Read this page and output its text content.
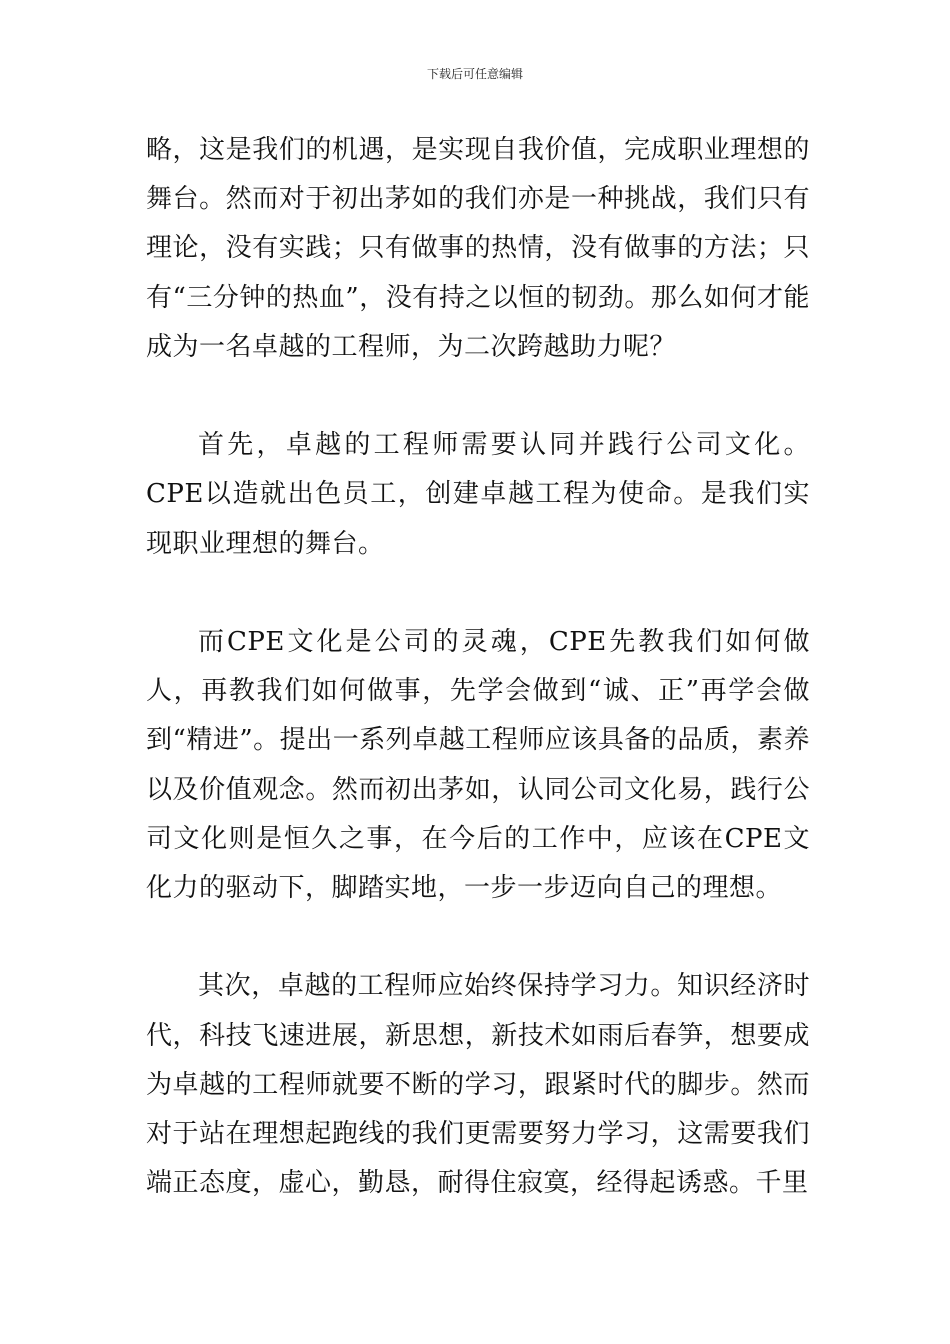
下载后可任意编辑

略，这是我们的机遇，是实现自我价值，完成职业理想的舞台。然而对于初出茅如的我们亦是一种挑战，我们只有理论，没有实践；只有做事的热情，没有做事的方法；只有“三分钟的热血”，没有持之以恒的韧劲。那么如何才能成为一名卓越的工程师，为二次跨越助力呢？

首先，卓越的工程师需要认同并践行公司文化。CPE以造就出色员工，创建卓越工程为使命。是我们实现职业理想的舞台。

而CPE文化是公司的灵魂，CPE先教我们如何做人，再教我们如何做事，先学会做到“诚、正”再学会做到“精进”。提出一系列卓越工程师应该具备的品质，素养以及价值观念。然而初出茅如，认同公司文化易，践行公司文化则是恒久之事，在今后的工作中，应该在CPE文化力的驱动下，脚踏实地，一步一步迈向自己的理想。

其次，卓越的工程师应始终保持学习力。知识经济时代，科技飞速进展，新思想，新技术如雨后春笋，想要成为卓越的工程师就要不断的学习，跟紧时代的脚步。然而对于站在理想起跑线的我们更需要努力学习，这需要我们端正态度，虚心，勤恳，耐得住寂寞，经得起诱惑。千里
